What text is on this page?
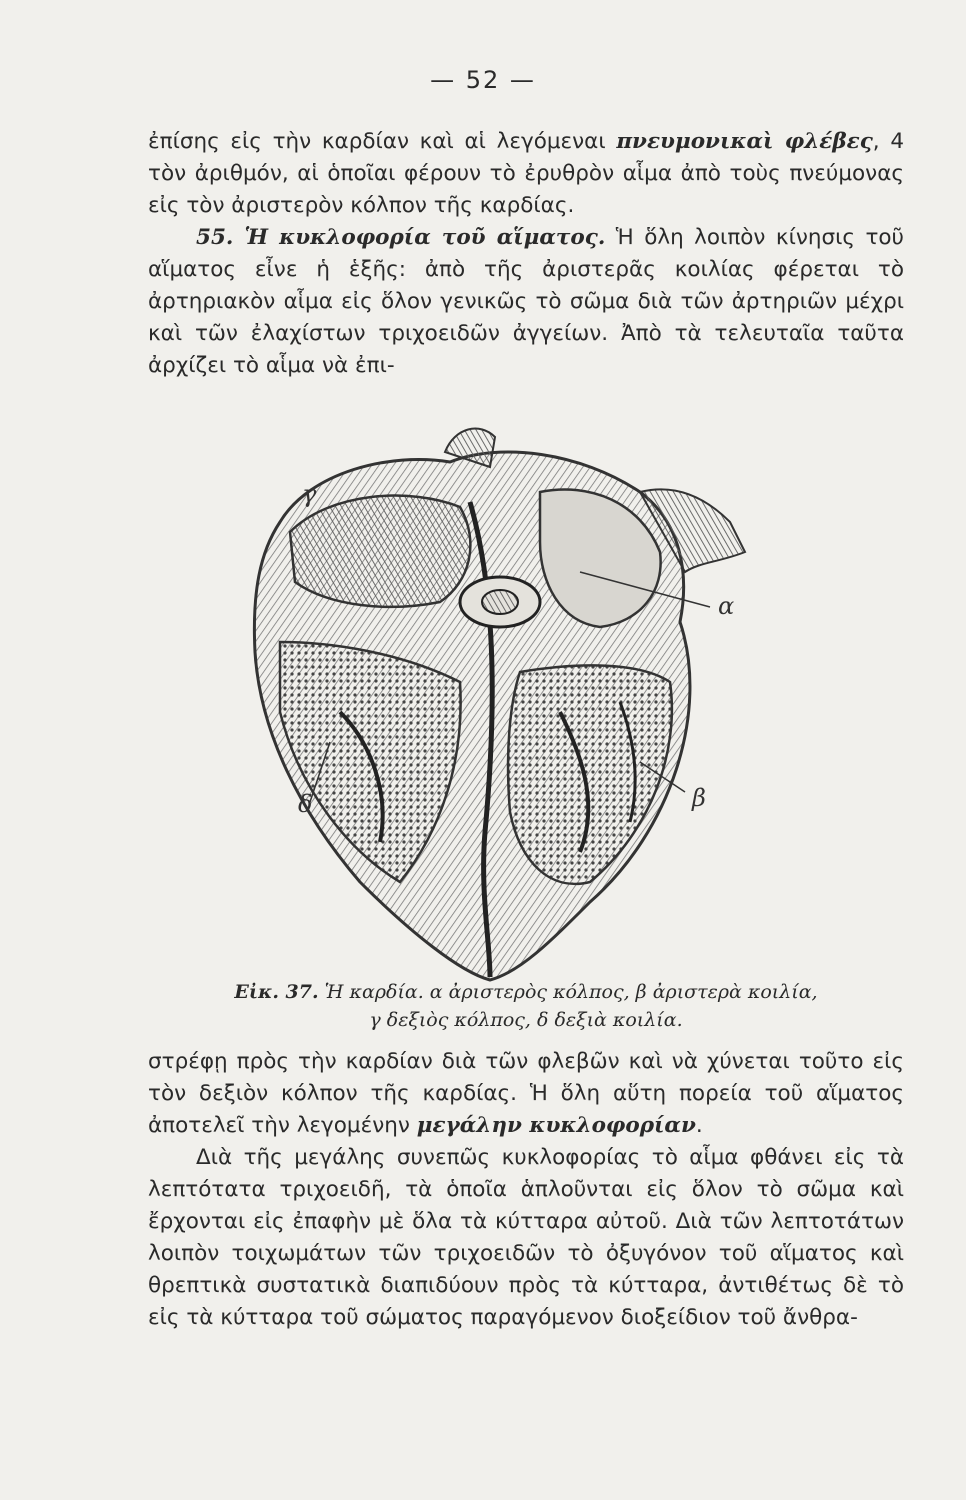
— 52 —

ἐπίσης εἰς τὴν καρδίαν καὶ αἱ λεγόμεναι πνευμονικαὶ φλέβες, 4 τὸν ἀριθμόν, αἱ ὁποῖαι φέρουν τὸ ἐρυθρὸν αἷμα ἀπὸ τοὺς πνεύμονας εἰς τὸν ἀριστερὸν κόλπον τῆς καρδίας.

55. Ἡ κυκλοφορία τοῦ αἵματος. Ἡ ὅλη λοιπὸν κίνησις τοῦ αἵματος εἶνε ἡ ἑξῆς: ἀπὸ τῆς ἀριστερᾶς κοιλίας φέρεται τὸ ἀρτηριακὸν αἷμα εἰς ὅλον γενικῶς τὸ σῶμα διὰ τῶν ἀρτηριῶν μέχρι καὶ τῶν ἐλαχίστων τριχοειδῶν ἀγγείων. Ἀπὸ τὰ τελευταῖα ταῦτα ἀρχίζει τὸ αἷμα νὰ ἐπι-

γ
α
δ	β
Εἰκ. 37. Ἡ καρδία. α ἀριστερὸς κόλπος, β ἀριστερὰ κοιλία,
γ δεξιὸς κόλπος, δ δεξιὰ κοιλία.

στρέφῃ πρὸς τὴν καρδίαν διὰ τῶν φλεβῶν καὶ νὰ χύνεται τοῦτο εἰς τὸν δεξιὸν κόλπον τῆς καρδίας. Ἡ ὅλη αὕτη πορεία τοῦ αἵματος ἀποτελεῖ τὴν λεγομένην μεγάλην κυκλοφορίαν.

Διὰ τῆς μεγάλης συνεπῶς κυκλοφορίας τὸ αἷμα φθάνει εἰς τὰ λεπτότατα τριχοειδῆ, τὰ ὁποῖα ἁπλοῦνται εἰς ὅλον τὸ σῶμα καὶ ἔρχονται εἰς ἐπαφὴν μὲ ὅλα τὰ κύτταρα αὐτοῦ. Διὰ τῶν λεπτοτάτων λοιπὸν τοιχωμάτων τῶν τριχοειδῶν τὸ ὀξυγόνον τοῦ αἵματος καὶ θρεπτικὰ συστατικὰ διαπιδύουν πρὸς τὰ κύτταρα, ἀντιθέτως δὲ τὸ εἰς τὰ κύτταρα τοῦ σώματος παραγόμενον διοξείδιον τοῦ ἄνθρα-
